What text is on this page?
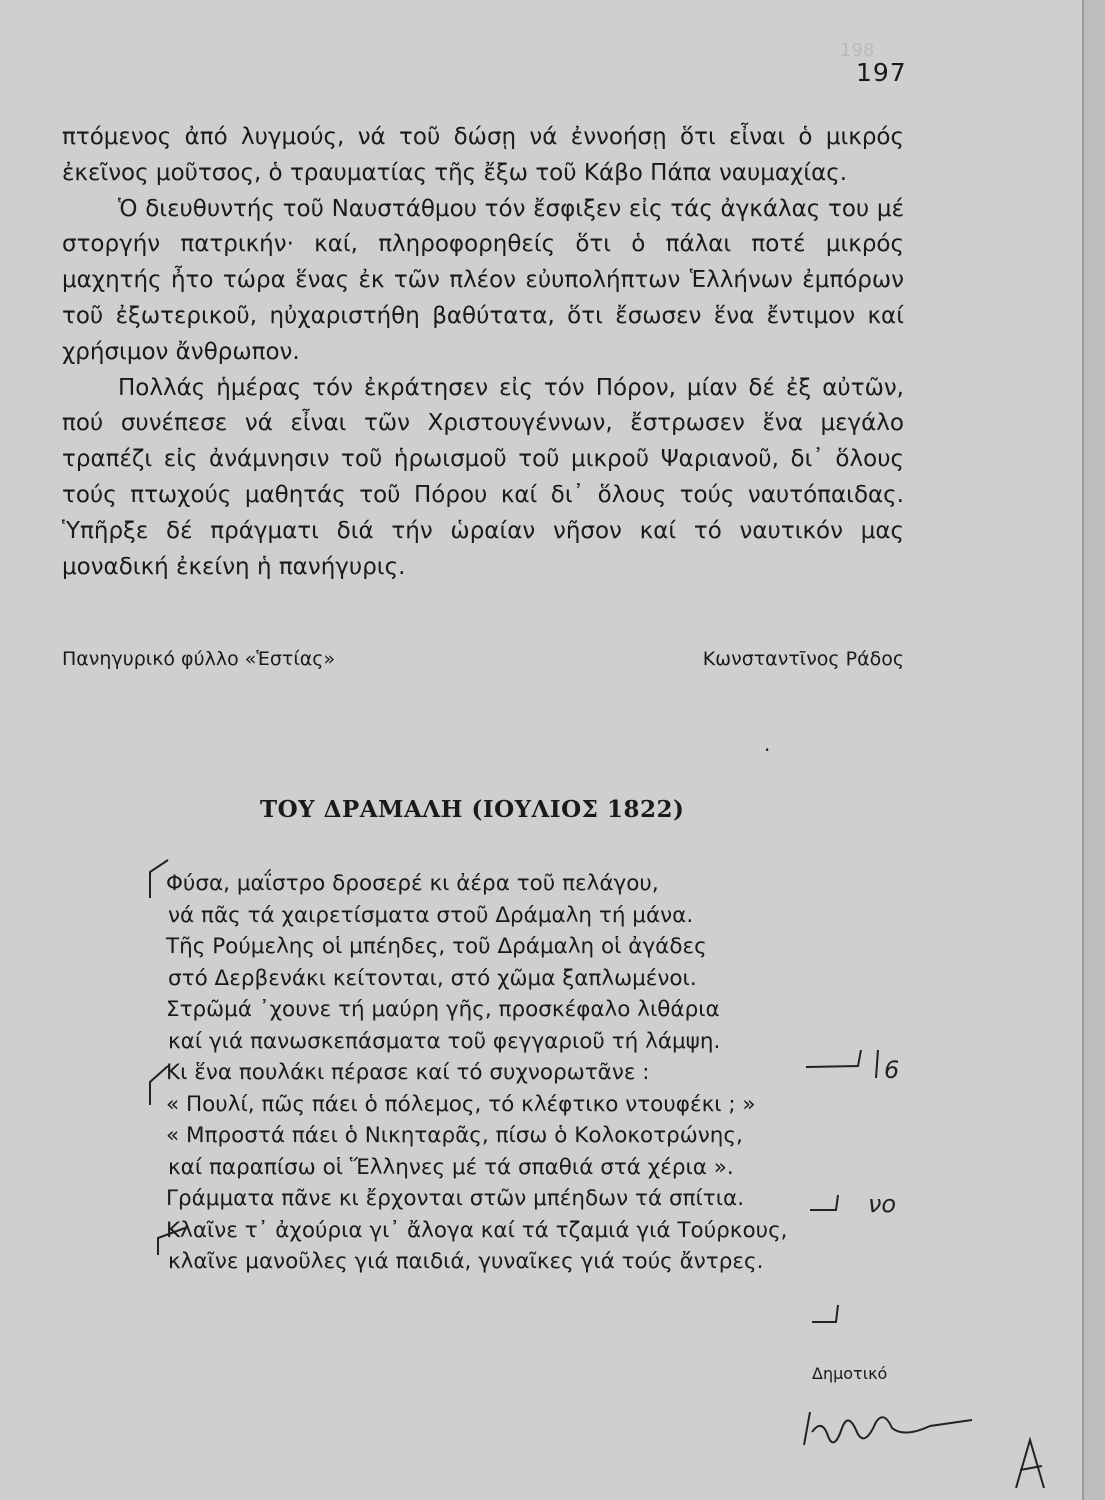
198
197

πτόμενος ἀπό λυγμούς, νά τοῦ δώσῃ νά ἐννοήσῃ ὅτι εἶναι ὁ μικρός ἐκεῖνος μοῦτσος, ὁ τραυματίας τῆς ἔξω τοῦ Κάβο Πάπα ναυμαχίας.

Ὁ διευθυντής τοῦ Ναυστάθμου τόν ἔσφιξεν εἰς τάς ἀγκάλας του μέ στοργήν πατρικήν· καί, πληροφορηθείς ὅτι ὁ πάλαι ποτέ μικρός μαχητής ἦτο τώρα ἕνας ἐκ τῶν πλέον εὐυπολήπτων Ἑλλήνων ἐμπόρων τοῦ ἐξωτερικοῦ, ηὐχαριστήθη βαθύτατα, ὅτι ἔσωσεν ἕνα ἔντιμον καί χρήσιμον ἄνθρωπον.

Πολλάς ἡμέρας τόν ἐκράτησεν εἰς τόν Πόρον, μίαν δέ ἐξ αὐτῶν, πού συνέπεσε νά εἶναι τῶν Χριστουγέννων, ἔστρωσεν ἕνα μεγάλο τραπέζι εἰς ἀνάμνησιν τοῦ ἡρωισμοῦ τοῦ μικροῦ Ψαριανοῦ, δι᾽ ὅλους τούς πτωχούς μαθητάς τοῦ Πόρου καί δι᾽ ὅλους τούς ναυτόπαιδας. Ὑπῆρξε δέ πράγματι διά τήν ὡραίαν νῆσον καί τό ναυτικόν μας μοναδική ἐκείνη ἡ πανήγυρις.

Πανηγυρικό φύλλο «Ἑστίας»	Κωνσταντῖνος Ράδος
·
ΤΟΥ ΔΡΑΜΑΛΗ (ΙΟΥΛΙΟΣ 1822)
Φύσα, μαΐστρο δροσερέ κι ἀέρα τοῦ πελάγου,
νά πᾶς τά χαιρετίσματα στοῦ Δράμαλη τή μάνα.
Τῆς Ρούμελης οἱ μπέηδες, τοῦ Δράμαλη οἱ ἀγάδες
στό Δερβενάκι κείτονται, στό χῶμα ξαπλωμένοι.
Στρῶμά ᾽χουνε τή μαύρη γῆς, προσκέφαλο λιθάρια
καί γιά πανωσκεπάσματα τοῦ φεγγαριοῦ τή λάμψη.
Κι ἕνα πουλάκι πέρασε καί τό συχνορωτᾶνε :
« Πουλί, πῶς πάει ὁ πόλεμος, τό κλέφτικο ντουφέκι ; »
« Μπροστά πάει ὁ Νικηταρᾶς, πίσω ὁ Κολοκοτρώνης,
καί παραπίσω οἱ Ἕλληνες μέ τά σπαθιά στά χέρια ».
Γράμματα πᾶνε κι ἔρχονται στῶν μπέηδων τά σπίτια.
Κλαῖνε τ᾽ ἀχούρια γι᾽ ἄλογα καί τά τζαμιά γιά Τούρκους,
κλαῖνε μανοῦλες γιά παιδιά, γυναῖκες γιά τούς ἄντρες.
Δημοτικό
6
νο
